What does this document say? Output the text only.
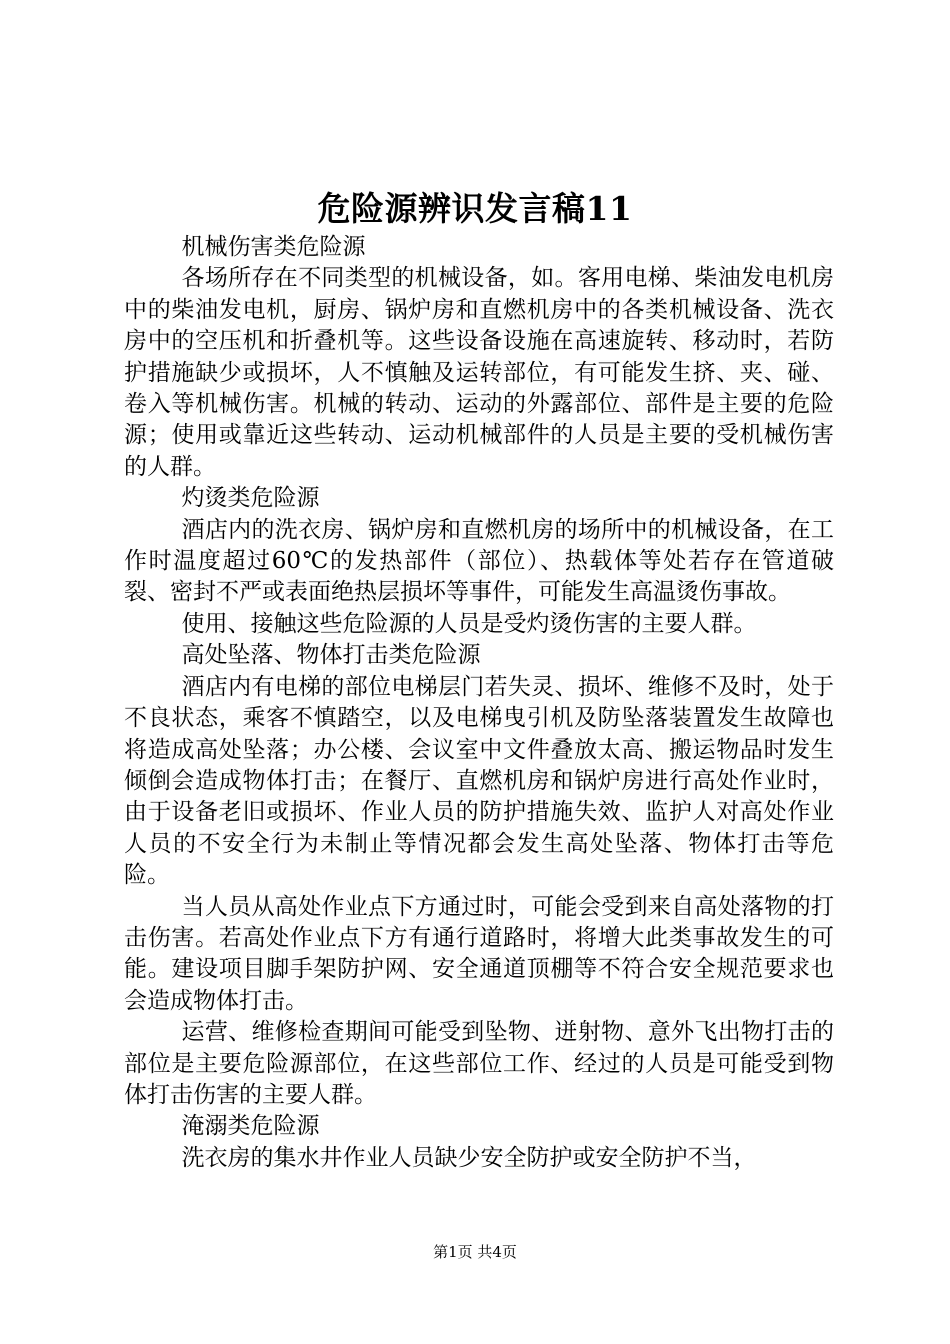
危险源辨识发言稿11

机械伤害类危险源

各场所存在不同类型的机械设备，如。客用电梯、柴油发电机房中的柴油发电机，厨房、锅炉房和直燃机房中的各类机械设备、洗衣房中的空压机和折叠机等。这些设备设施在高速旋转、移动时，若防护措施缺少或损坏，人不慎触及运转部位，有可能发生挤、夹、碰、卷入等机械伤害。机械的转动、运动的外露部位、部件是主要的危险源；使用或靠近这些转动、运动机械部件的人员是主要的受机械伤害的人群。

灼烫类危险源

酒店内的洗衣房、锅炉房和直燃机房的场所中的机械设备，在工作时温度超过60℃的发热部件（部位）、热载体等处若存在管道破裂、密封不严或表面绝热层损坏等事件，可能发生高温烫伤事故。

使用、接触这些危险源的人员是受灼烫伤害的主要人群。

高处坠落、物体打击类危险源

酒店内有电梯的部位电梯层门若失灵、损坏、维修不及时，处于不良状态，乘客不慎踏空，以及电梯曳引机及防坠落装置发生故障也将造成高处坠落；办公楼、会议室中文件叠放太高、搬运物品时发生倾倒会造成物体打击；在餐厅、直燃机房和锅炉房进行高处作业时，由于设备老旧或损坏、作业人员的防护措施失效、监护人对高处作业人员的不安全行为未制止等情况都会发生高处坠落、物体打击等危险。

当人员从高处作业点下方通过时，可能会受到来自高处落物的打击伤害。若高处作业点下方有通行道路时，将增大此类事故发生的可能。建设项目脚手架防护网、安全通道顶棚等不符合安全规范要求也会造成物体打击。

运营、维修检查期间可能受到坠物、迸射物、意外飞出物打击的部位是主要危险源部位，在这些部位工作、经过的人员是可能受到物体打击伤害的主要人群。

淹溺类危险源

洗衣房的集水井作业人员缺少安全防护或安全防护不当，

第1页 共4页
